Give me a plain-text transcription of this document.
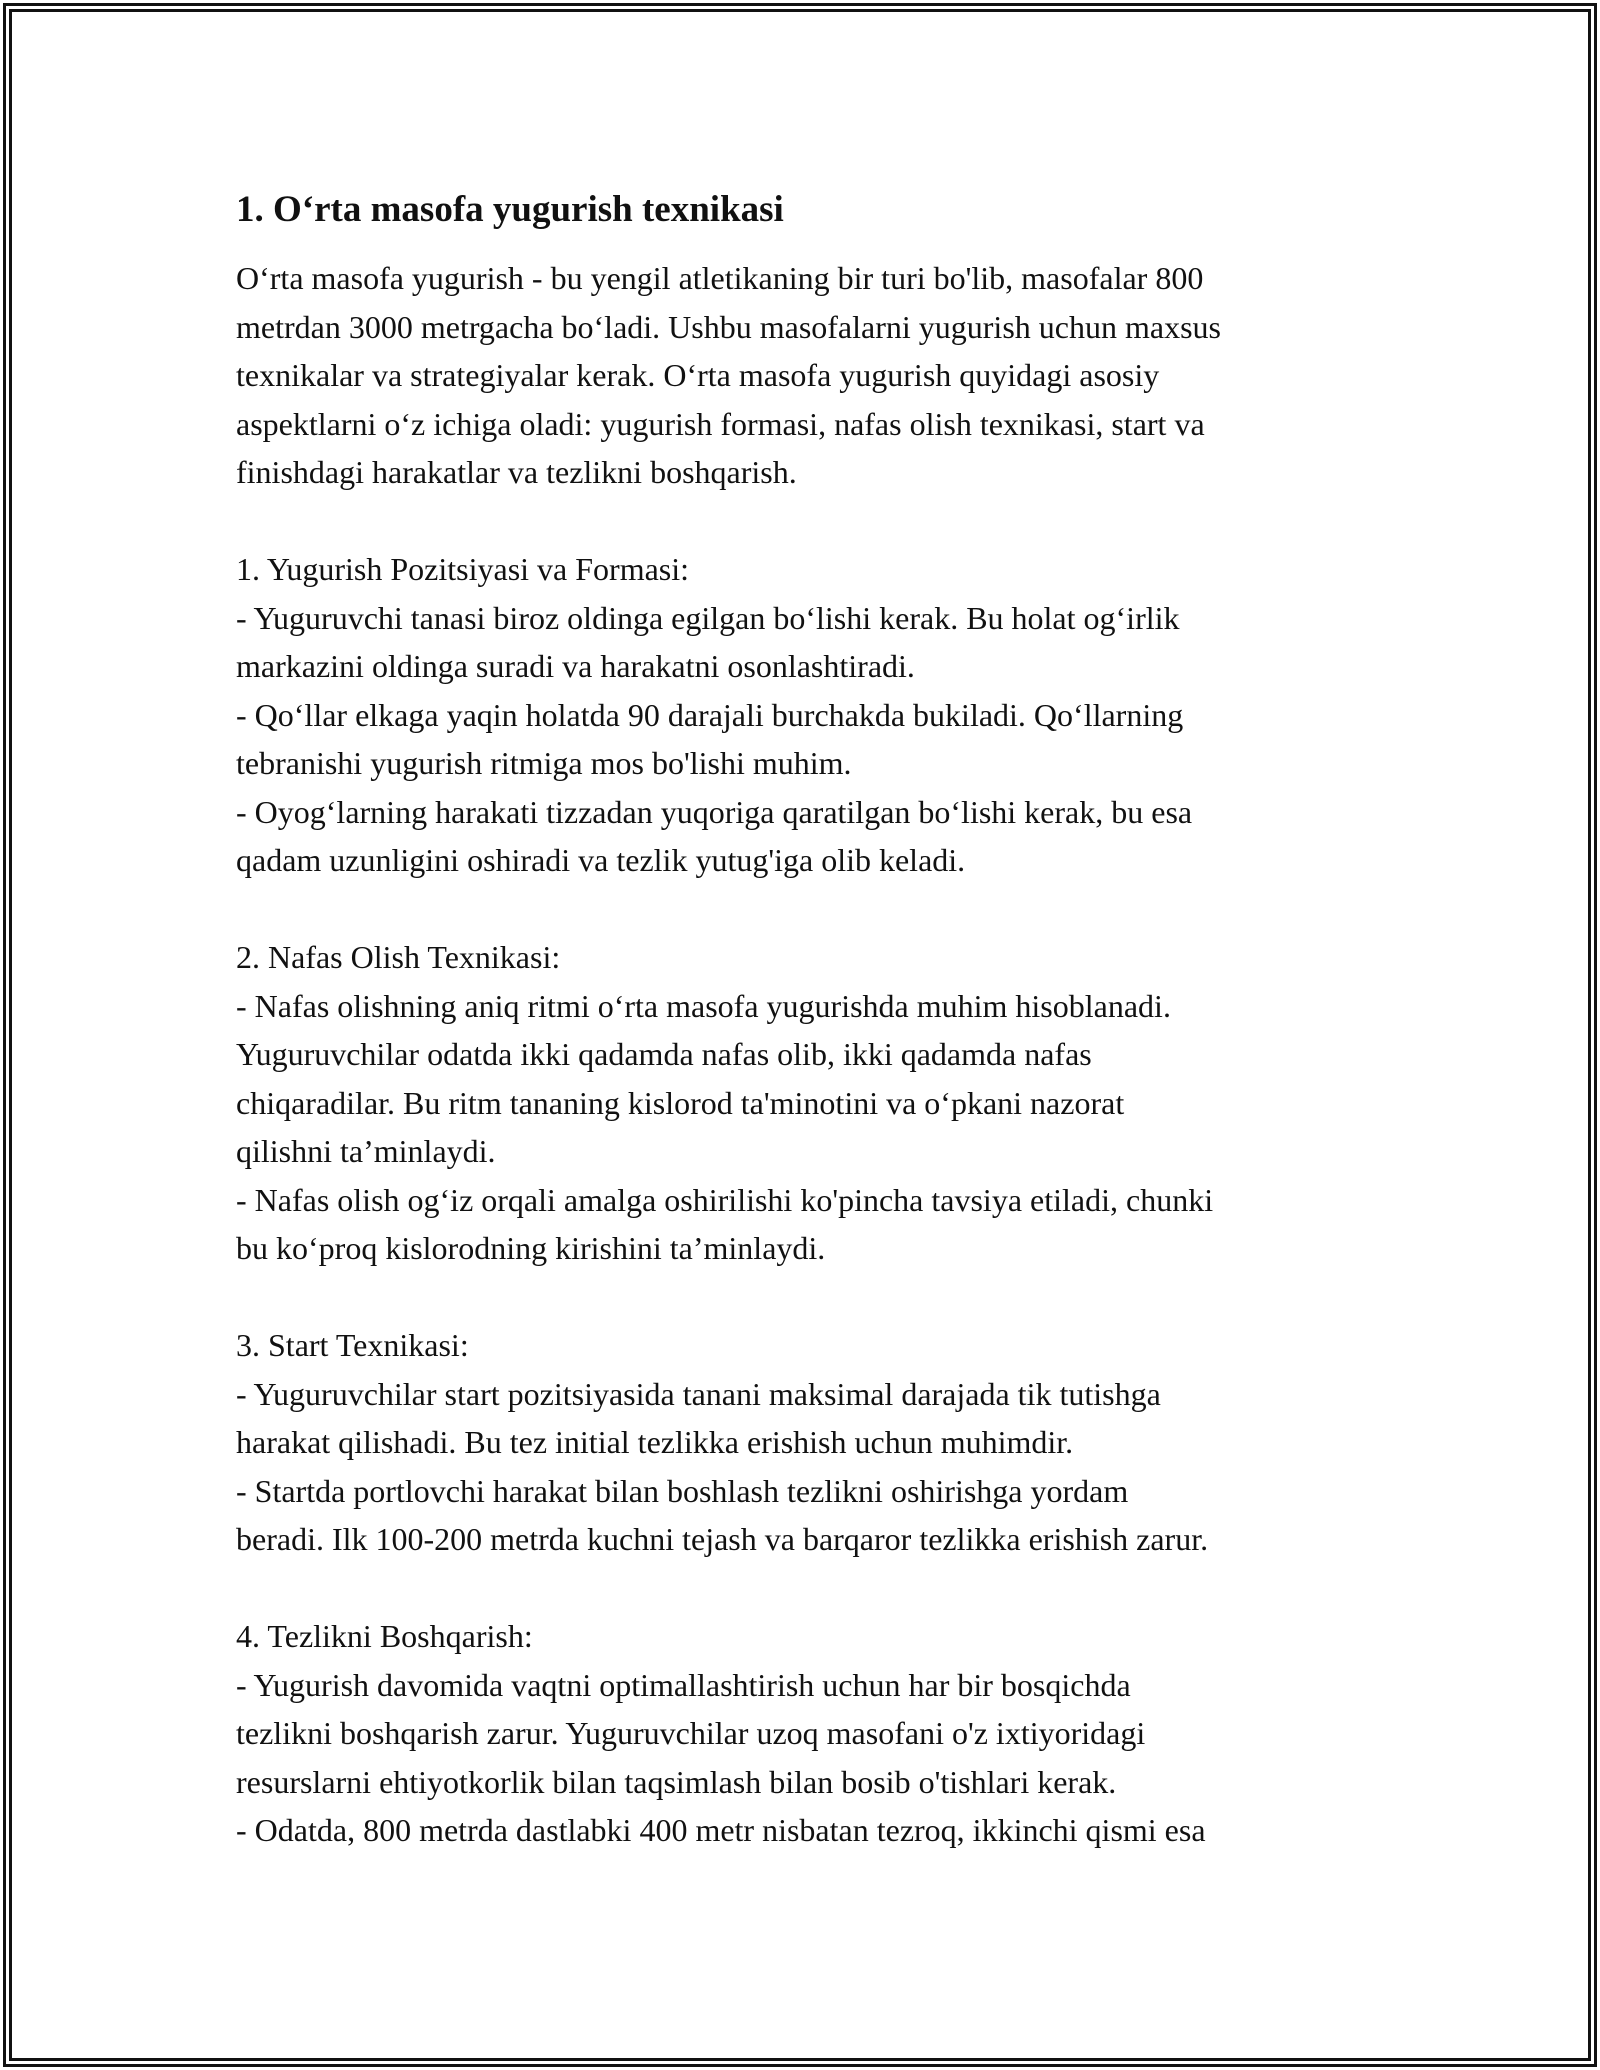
1. O‘rta masofa yugurish texnikasi

O‘rta masofa yugurish - bu yengil atletikaning bir turi bo'lib, masofalar 800
metrdan 3000 metrgacha bo‘ladi. Ushbu masofalarni yugurish uchun maxsus
texnikalar va strategiyalar kerak. O‘rta masofa yugurish quyidagi asosiy
aspektlarni o‘z ichiga oladi: yugurish formasi, nafas olish texnikasi, start va
finishdagi harakatlar va tezlikni boshqarish.

1. Yugurish Pozitsiyasi va Formasi:
- Yuguruvchi tanasi biroz oldinga egilgan bo‘lishi kerak. Bu holat og‘irlik
markazini oldinga suradi va harakatni osonlashtiradi.
- Qo‘llar elkaga yaqin holatda 90 darajali burchakda bukiladi. Qo‘llarning
tebranishi yugurish ritmiga mos bo'lishi muhim.
- Oyog‘larning harakati tizzadan yuqoriga qaratilgan bo‘lishi kerak, bu esa
qadam uzunligini oshiradi va tezlik yutug'iga olib keladi.
2. Nafas Olish Texnikasi:
- Nafas olishning aniq ritmi o‘rta masofa yugurishda muhim hisoblanadi.
Yuguruvchilar odatda ikki qadamda nafas olib, ikki qadamda nafas
chiqaradilar. Bu ritm tananing kislorod ta'minotini va o‘pkani nazorat
qilishni ta’minlaydi.
- Nafas olish og‘iz orqali amalga oshirilishi ko'pincha tavsiya etiladi, chunki
bu ko‘proq kislorodning kirishini ta’minlaydi.
3. Start Texnikasi:
- Yuguruvchilar start pozitsiyasida tanani maksimal darajada tik tutishga
harakat qilishadi. Bu tez initial tezlikka erishish uchun muhimdir.
- Startda portlovchi harakat bilan boshlash tezlikni oshirishga yordam
beradi. Ilk 100-200 metrda kuchni tejash va barqaror tezlikka erishish zarur.
4. Tezlikni Boshqarish:
- Yugurish davomida vaqtni optimallashtirish uchun har bir bosqichda
tezlikni boshqarish zarur. Yuguruvchilar uzoq masofani o'z ixtiyoridagi
resurslarni ehtiyotkorlik bilan taqsimlash bilan bosib o'tishlari kerak.
- Odatda, 800 metrda dastlabki 400 metr nisbatan tezroq, ikkinchi qismi esa
